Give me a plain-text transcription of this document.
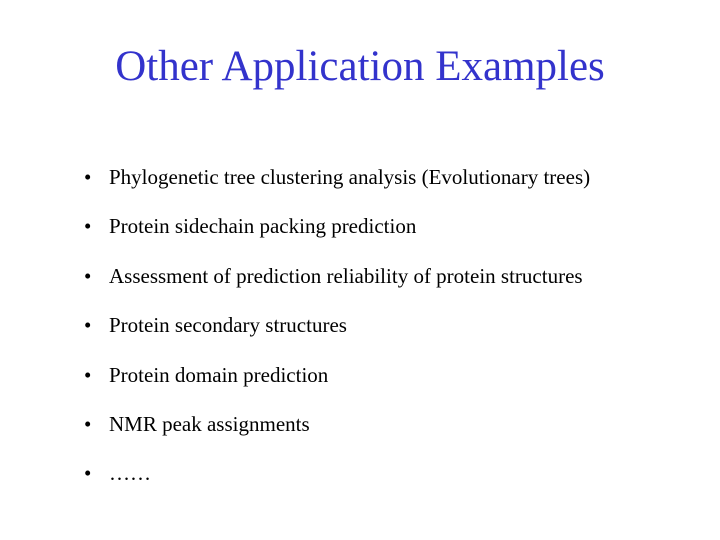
Other Application Examples
• Phylogenetic tree clustering analysis (Evolutionary trees)
• Protein sidechain packing prediction
• Assessment of prediction reliability of protein structures
• Protein secondary structures
• Protein domain prediction
• NMR peak assignments
• ……
